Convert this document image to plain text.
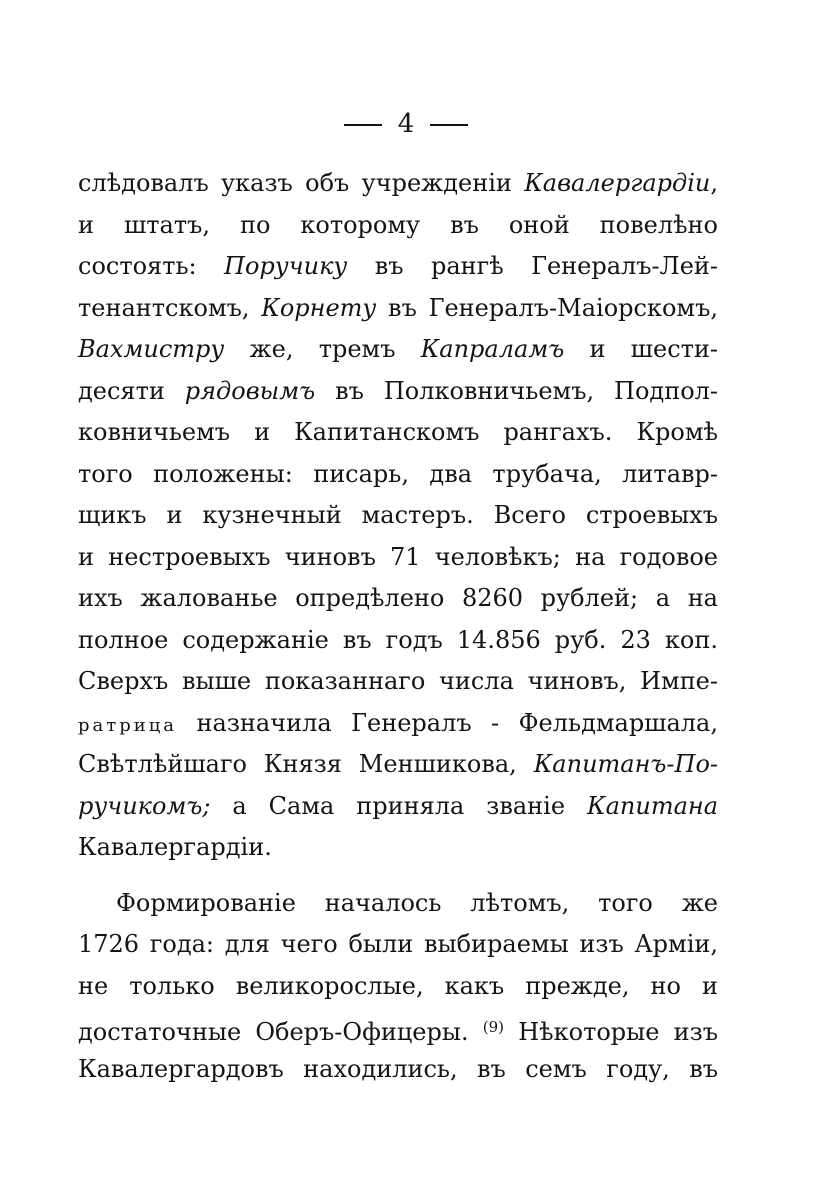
4
слѣдовалъ указъ объ учрежденіи Кавалергардіи,
и штатъ, по которому въ оной повелѣно
состоять: Поручику въ рангѣ Генералъ-Лей-
тенантскомъ, Корнету въ Генералъ-Маіорскомъ,
Вахмистру же, тремъ Капраламъ и шести-
десяти рядовымъ въ Полковничьемъ, Подпол-
ковничьемъ и Капитанскомъ рангахъ. Кромѣ
того положены: писарь, два трубача, литавр-
щикъ и кузнечный мастеръ. Всего строевыхъ
и нестроевыхъ чиновъ 71 человѣкъ; на годовое
ихъ жалованье опредѣлено 8260 рублей; а на
полное содержаніе въ годъ 14.856 руб. 23 коп.
Сверхъ выше показаннаго числа чиновъ, Импе-
ратрица назначила Генералъ - Фельдмаршала,
Свѣтлѣйшаго Князя Меншикова, Капитанъ-По-
ручикомъ; а Сама приняла званіе Капитана
Кавалергардіи.
Формированіе началось лѣтомъ, того же
1726 года: для чего были выбираемы изъ Арміи,
не только великорослые, какъ прежде, но и
достаточные Оберъ-Офицеры. $^{(9)}$ Нѣкоторые изъ
Кавалергардовъ находились, въ семъ году, въ
